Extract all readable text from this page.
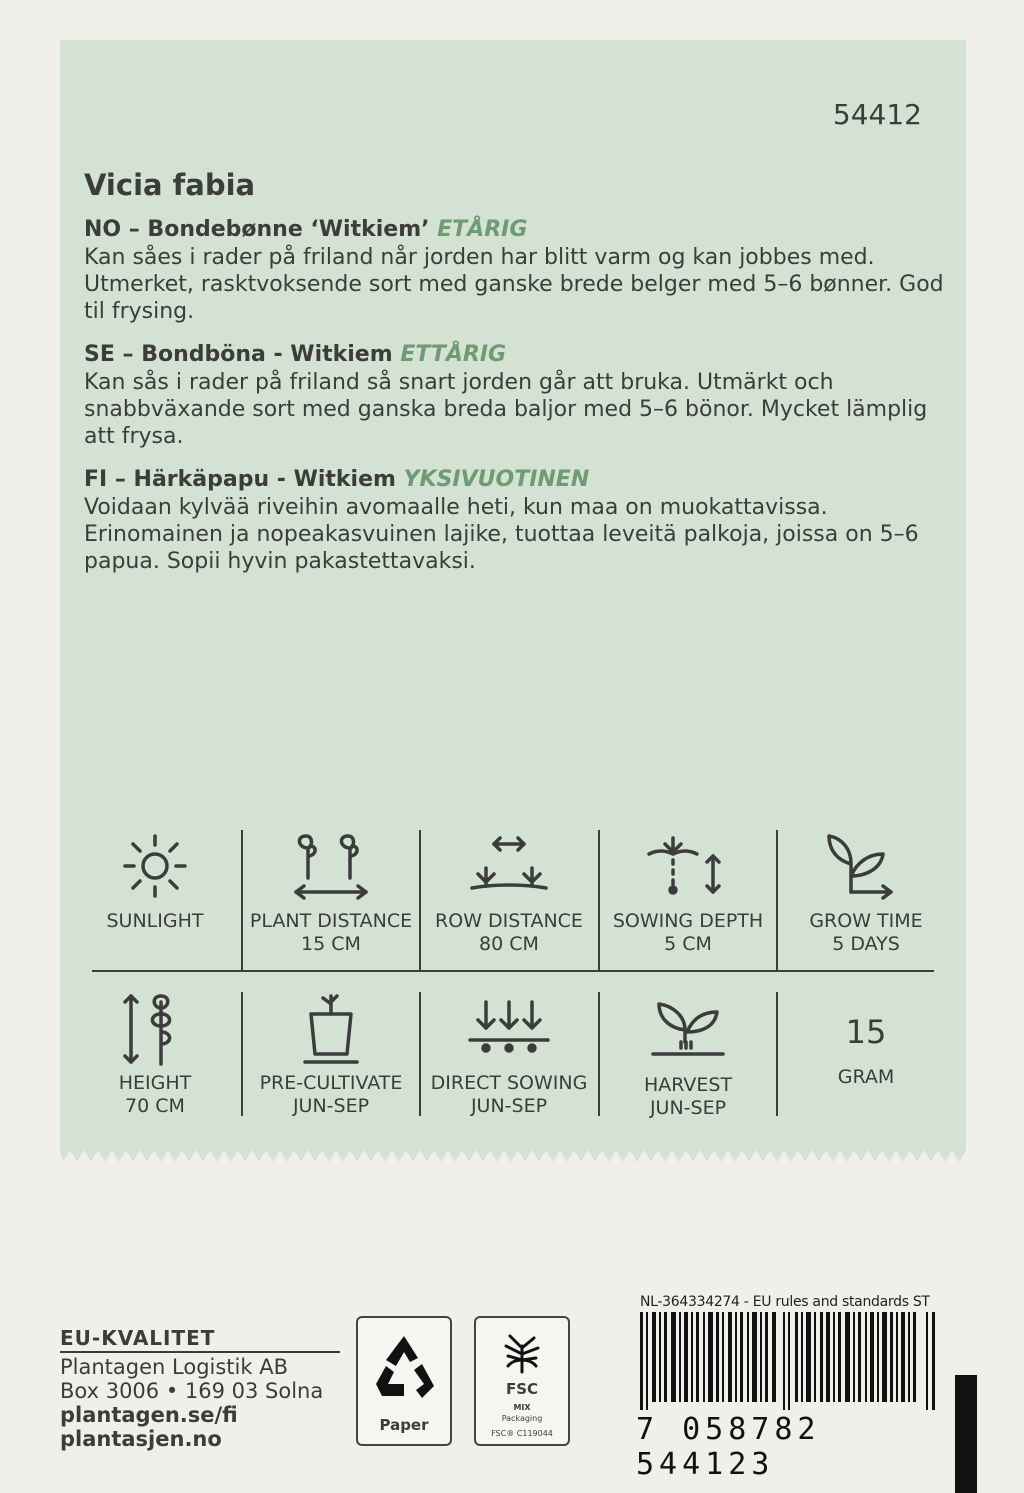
54412
Vicia fabia
NO – Bondebønne ‘Witkiem’ ETÅRIG
Kan såes i rader på friland når jorden har blitt varm og kan jobbes med. Utmerket, rasktvoksende sort med ganske brede belger med 5–6 bønner. God til frysing.
SE – Bondböna - Witkiem ETTÅRIG
Kan sås i rader på friland så snart jorden går att bruka. Utmärkt och snabbväxande sort med ganska breda baljor med 5–6 bönor. Mycket lämplig att frysa.
FI – Härkäpapu - Witkiem YKSIVUOTINEN
Voidaan kylvää riveihin avomaalle heti, kun maa on muokattavissa. Erinomainen ja nopeakasvuinen lajike, tuottaa leveitä palkoja, joissa on 5–6 papua. Sopii hyvin pakastettavaksi.
SUNLIGHT	PLANT DISTANCE
15 CM
ROW DISTANCE
80 CM
SOWING DEPTH
5 CM
GROW TIME
5 DAYS
HEIGHT
70 CM
PRE-CULTIVATE
JUN-SEP
DIRECT SOWING
JUN-SEP
HARVEST
JUN-SEP
15
GRAM
EU-KVALITET
Plantagen Logistik AB
Box 3006 • 169 03 Solna
plantagen.se/fi
plantasjen.no
Paper
FSC
MIX
Packaging
FSC® C119044
NL-364334274 - EU rules and standards ST
7 058782 544123
